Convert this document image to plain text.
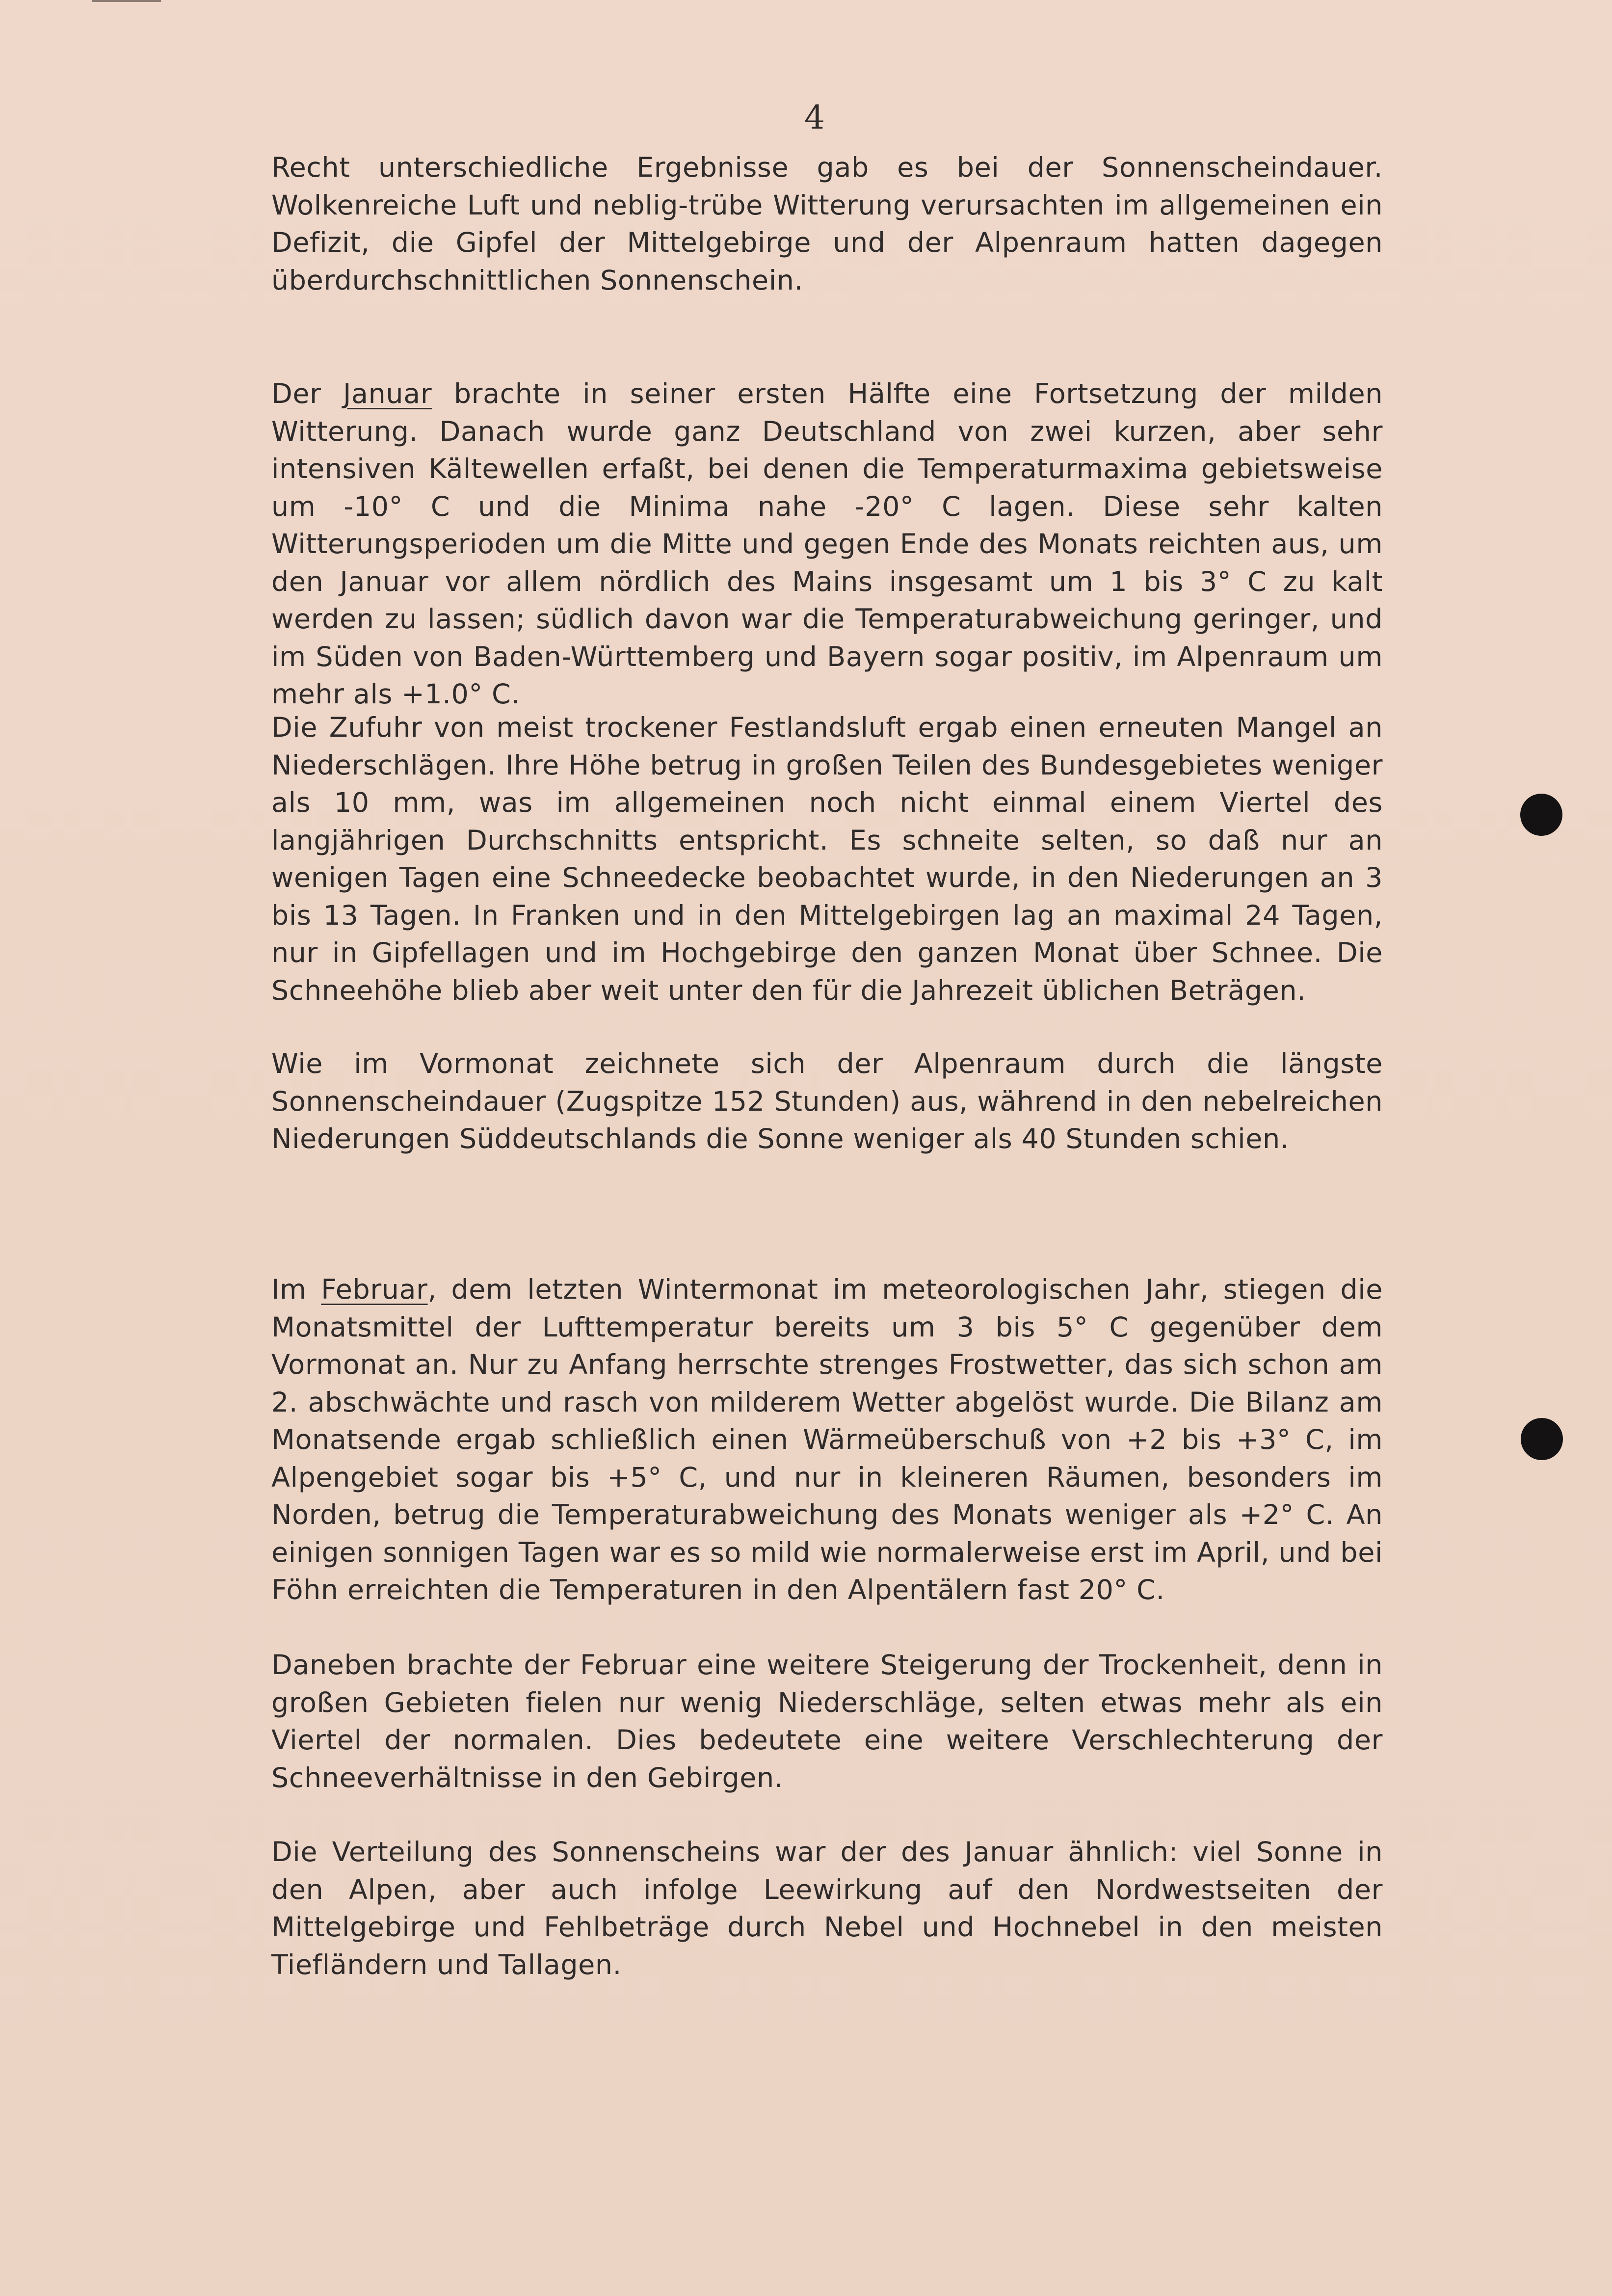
4

Recht unterschiedliche Ergebnisse gab es bei der Sonnenscheindauer. Wolkenreiche Luft und neblig-trübe Witterung verursachten im allgemeinen ein Defizit, die Gipfel der Mittelgebirge und der Alpenraum hatten dagegen überdurchschnittlichen Sonnenschein.

Der Januar brachte in seiner ersten Hälfte eine Fortsetzung der milden Witterung. Danach wurde ganz Deutschland von zwei kurzen, aber sehr intensiven Kältewellen erfaßt, bei denen die Temperaturmaxima gebietsweise um -10° C und die Minima nahe -20° C lagen. Diese sehr kalten Witterungsperioden um die Mitte und gegen Ende des Monats reichten aus, um den Januar vor allem nördlich des Mains insgesamt um 1 bis 3° C zu kalt werden zu lassen; südlich davon war die Temperaturabweichung geringer, und im Süden von Baden-Württemberg und Bayern sogar positiv, im Alpenraum um mehr als +1.0° C.

Die Zufuhr von meist trockener Festlandsluft ergab einen erneuten Mangel an Niederschlägen. Ihre Höhe betrug in großen Teilen des Bundesgebietes weniger als 10 mm, was im allgemeinen noch nicht einmal einem Viertel des langjährigen Durchschnitts entspricht. Es schneite selten, so daß nur an wenigen Tagen eine Schneedecke beobachtet wurde, in den Niederungen an 3 bis 13 Tagen. In Franken und in den Mittelgebirgen lag an maximal 24 Tagen, nur in Gipfellagen und im Hochgebirge den ganzen Monat über Schnee. Die Schneehöhe blieb aber weit unter den für die Jahrezeit üblichen Beträgen.

Wie im Vormonat zeichnete sich der Alpenraum durch die längste Sonnenscheindauer (Zugspitze 152 Stunden) aus, während in den nebelreichen Niederungen Süddeutschlands die Sonne weniger als 40 Stunden schien.

Im Februar, dem letzten Wintermonat im meteorologischen Jahr, stiegen die Monatsmittel der Lufttemperatur bereits um 3 bis 5° C gegenüber dem Vormonat an. Nur zu Anfang herrschte strenges Frostwetter, das sich schon am 2. abschwächte und rasch von milderem Wetter abgelöst wurde. Die Bilanz am Monatsende ergab schließlich einen Wärmeüberschuß von +2 bis +3° C, im Alpengebiet sogar bis +5° C, und nur in kleineren Räumen, besonders im Norden, betrug die Temperaturabweichung des Monats weniger als +2° C. An einigen sonnigen Tagen war es so mild wie normalerweise erst im April, und bei Föhn erreichten die Temperaturen in den Alpentälern fast 20° C.

Daneben brachte der Februar eine weitere Steigerung der Trockenheit, denn in großen Gebieten fielen nur wenig Niederschläge, selten etwas mehr als ein Viertel der normalen. Dies bedeutete eine weitere Verschlechterung der Schneeverhältnisse in den Gebirgen.

Die Verteilung des Sonnenscheins war der des Januar ähnlich: viel Sonne in den Alpen, aber auch infolge Leewirkung auf den Nordwestseiten der Mittelgebirge und Fehlbeträge durch Nebel und Hochnebel in den meisten Tiefländern und Tallagen.
